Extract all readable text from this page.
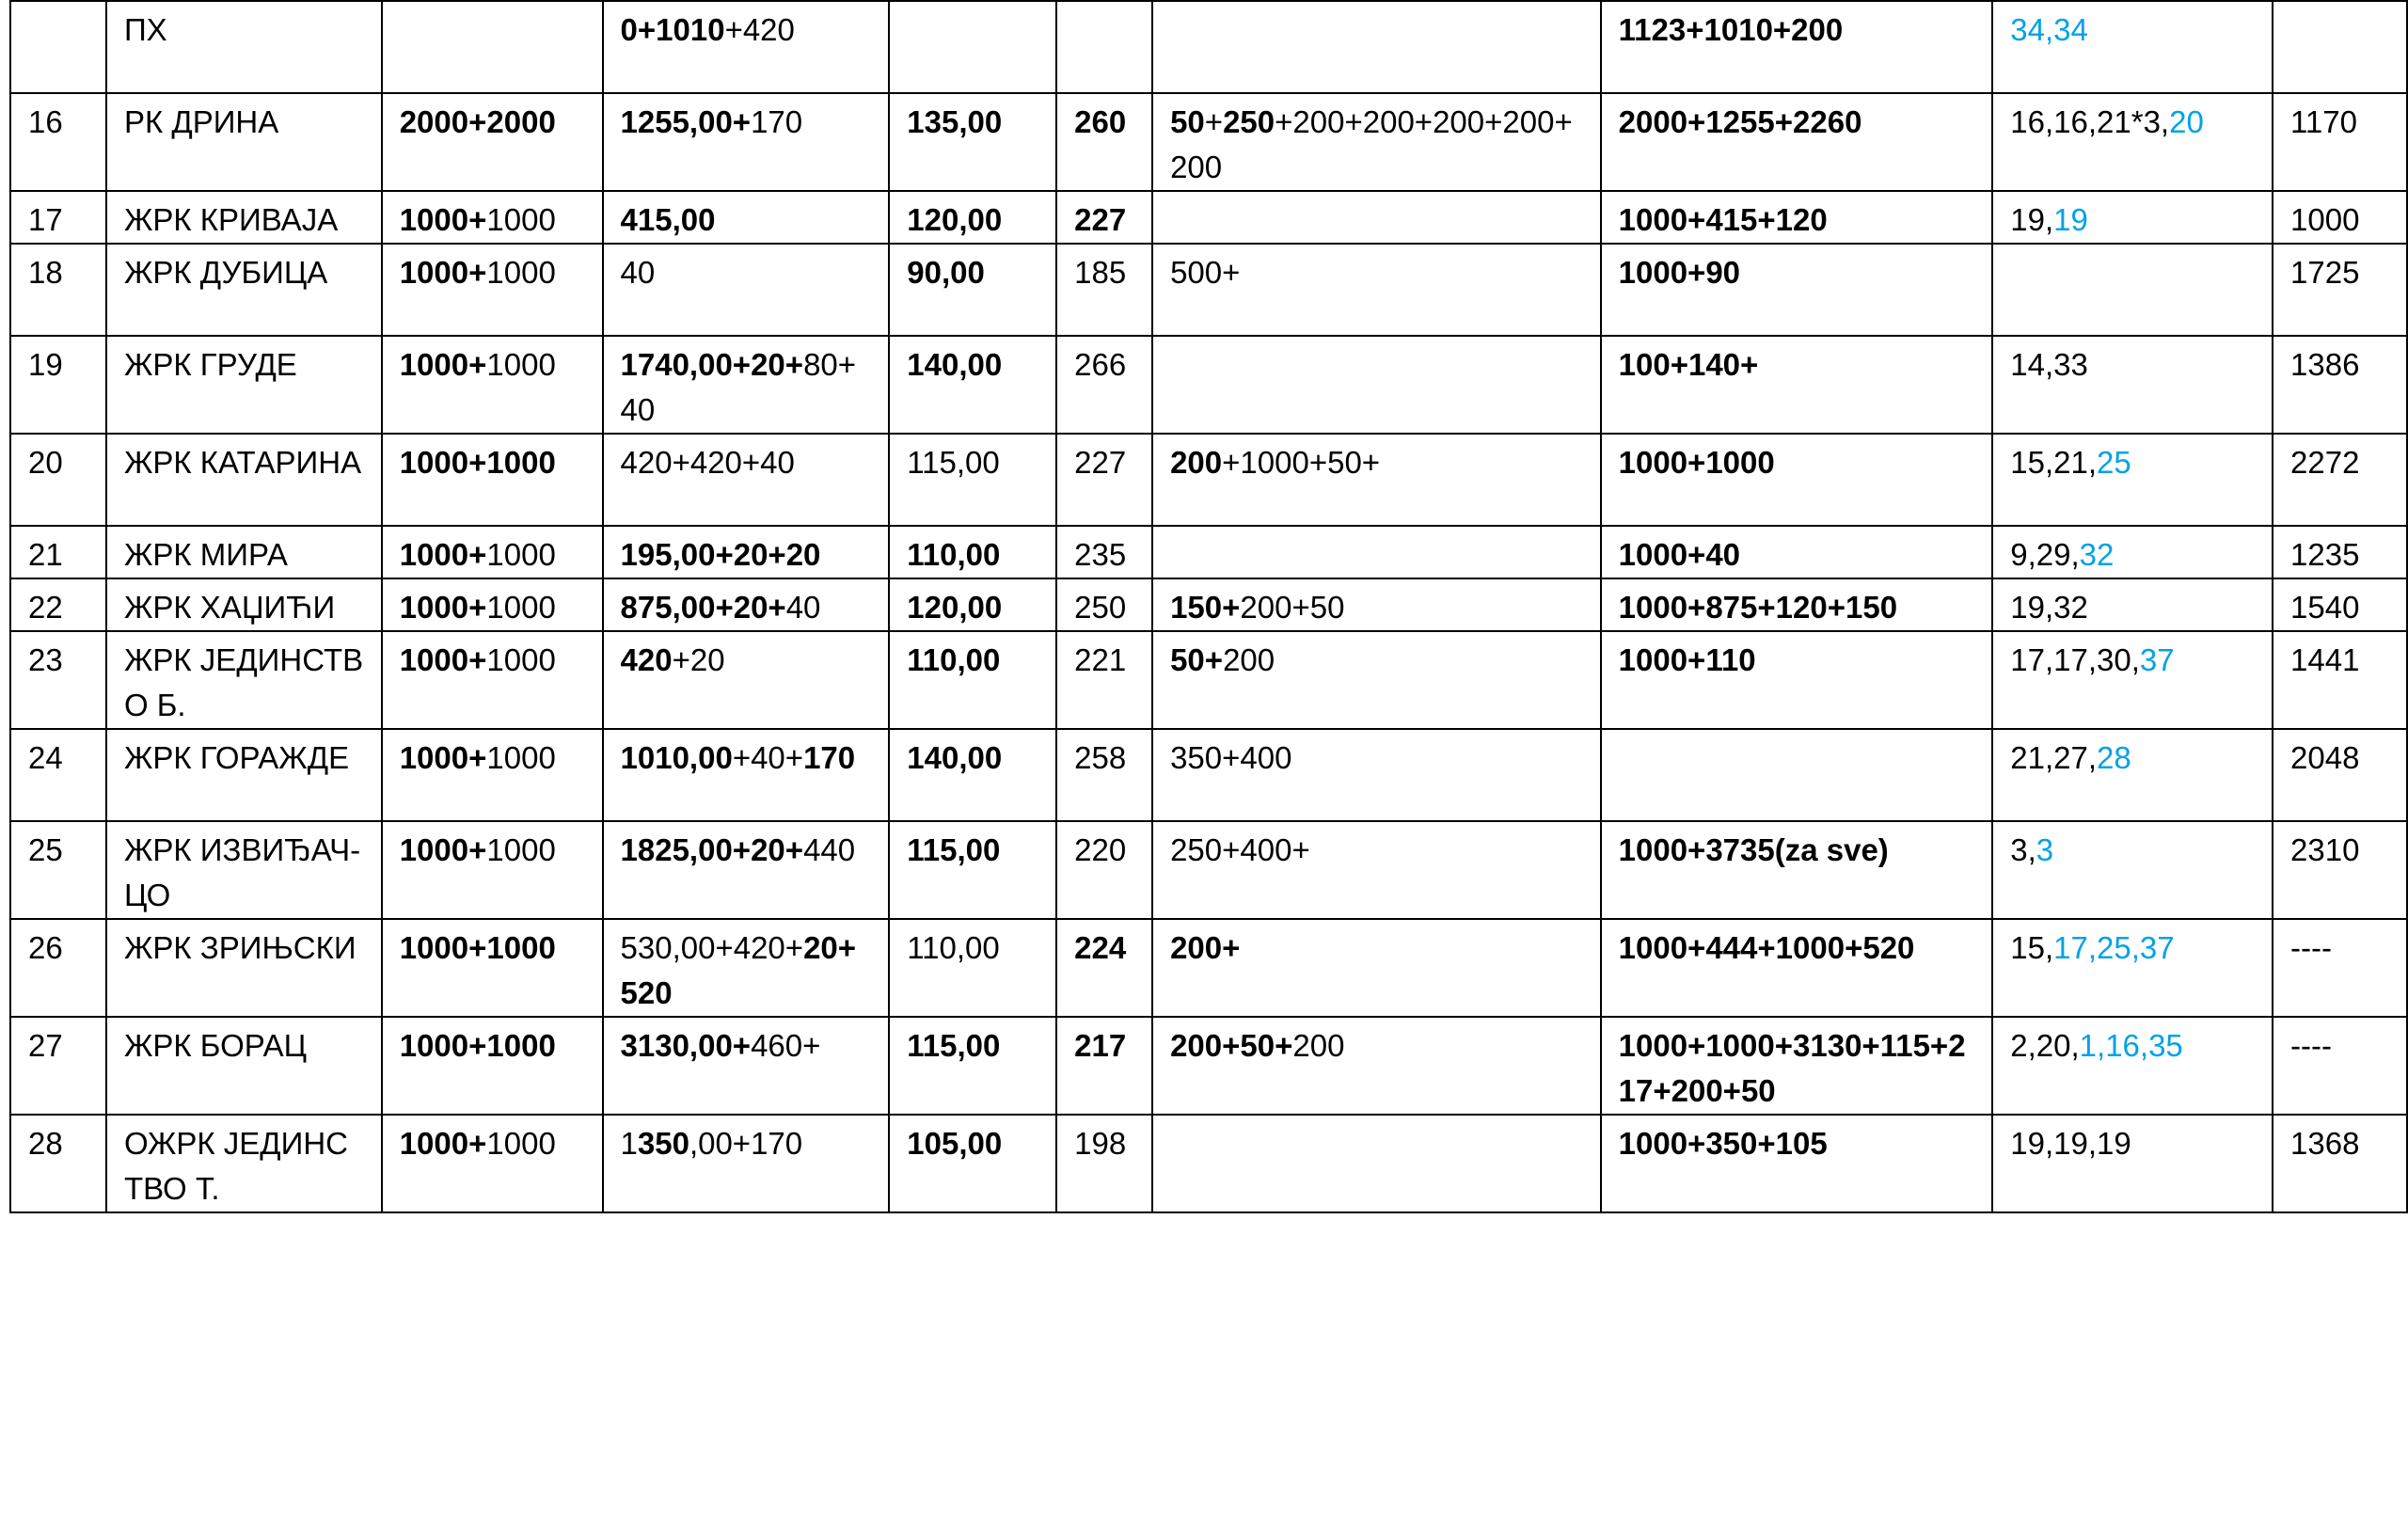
	ПХ		0+1010+420				1123+1010+200	34,34	
16	РК ДРИНА	2000+2000	1255,00+170	135,00	260	50+250+200+200+200+200+200	2000+1255+2260	16,16,21*3,20	1170
17	ЖРК КРИВАЈА	1000+1000	415,00	120,00	227		1000+415+120	19,19	1000
18	ЖРК ДУБИЦА	1000+1000	40	90,00	185	500+	1000+90		1725
19	ЖРК ГРУДЕ	1000+1000	1740,00+20+80+40	140,00	266		100+140+	14,33	1386
20	ЖРК КАТАРИНА	1000+1000	420+420+40	115,00	227	200+1000+50+	1000+1000	15,21,25	2272
21	ЖРК МИРА	1000+1000	195,00+20+20	110,00	235		1000+40	9,29,32	1235
22	ЖРК ХАЏИЋИ	1000+1000	875,00+20+40	120,00	250	150+200+50	1000+875+120+150	19,32	1540
23	ЖРК ЈЕДИНСТВО Б.	1000+1000	420+20	110,00	221	50+200	1000+110	17,17,30,37	1441
24	ЖРК ГОРАЖДЕ	1000+1000	1010,00+40+170	140,00	258	350+400		21,27,28	2048
25	ЖРК ИЗВИЂАЧ-ЦО	1000+1000	1825,00+20+440	115,00	220	250+400+	1000+3735(za sve)	3,3	2310
26	ЖРК ЗРИЊСКИ	1000+1000	530,00+420+20+520	110,00	224	200+	1000+444+1000+520	15,17,25,37	----
27	ЖРК БОРАЦ	1000+1000	3130,00+460+	115,00	217	200+50+200	1000+1000+3130+115+217+200+50	2,20,1,16,35	----
28	ОЖРК ЈЕДИНСТВО Т.	1000+1000	1350,00+170	105,00	198		1000+350+105	19,19,19	1368
